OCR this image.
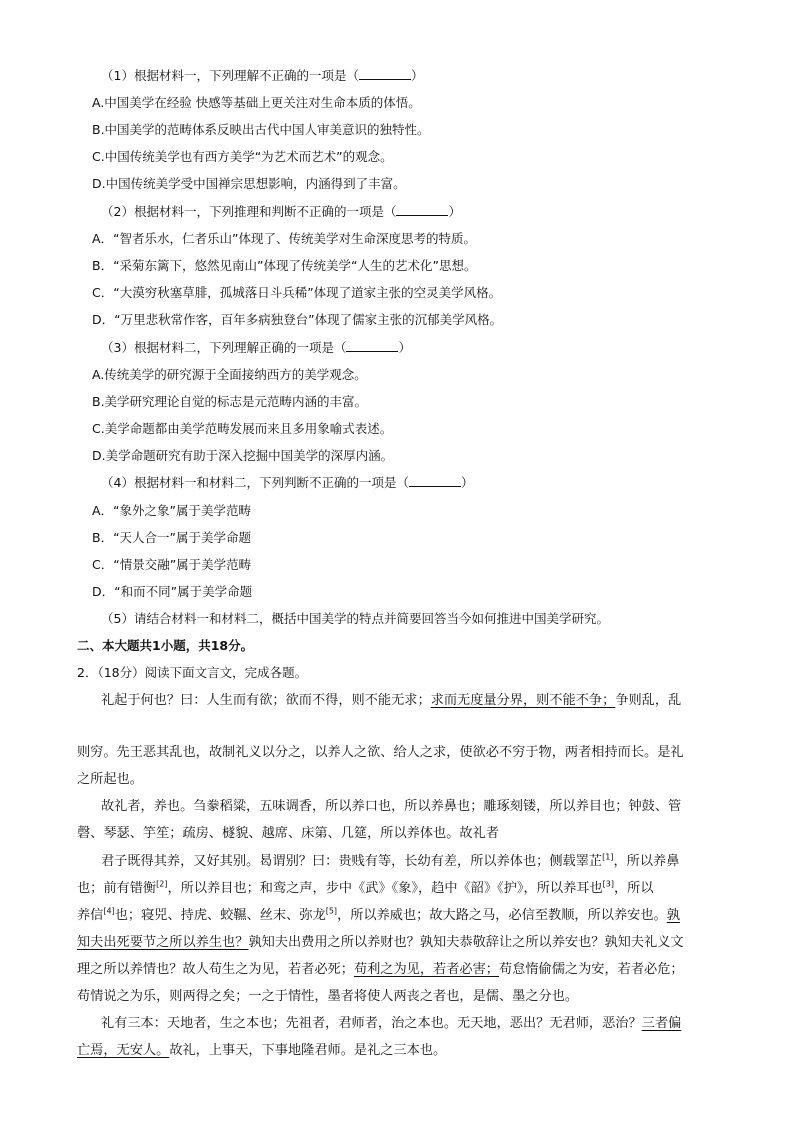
（1）根据材料一，下列理解不正确的一项是（	）
A.中国美学在经验 快感等基础上更关注对生命本质的体悟。
B.中国美学的范畴体系反映出古代中国人审美意识的独特性。
C.中国传统美学也有西方美学“为艺术而艺术”的观念。
D.中国传统美学受中国禅宗思想影响，内涵得到了丰富。
（2）根据材料一，下列推理和判断不正确的一项是（	）
A．“智者乐水，仁者乐山”体现了、传统美学对生命深度思考的特质。
B．“采菊东篱下，悠然见南山”体现了传统美学“人生的艺术化”思想。
C．“大漠穷秋塞草腓，孤城落日斗兵稀”体现了道家主张的空灵美学风格。
D．“万里悲秋常作客，百年多病独登台”体现了儒家主张的沉郁美学风格。
（3）根据材料二，下列理解正确的一项是（	）
A.传统美学的研究源于全面接纳西方的美学观念。
B.美学研究理论自觉的标志是元范畴内涵的丰富。
C.美学命题都由美学范畴发展而来且多用象喻式表述。
D.美学命题研究有助于深入挖掘中国美学的深厚内涵。
（4）根据材料一和材料二，下列判断不正确的一项是（	）
A．“象外之象”属于美学范畴
B．“天人合一”属于美学命题
C．“情景交融”属于美学范畴
D．“和而不同”属于美学命题
（5）请结合材料一和材料二，概括中国美学的特点并简要回答当今如何推进中国美学研究。
二、本大题共1小题，共18分。
2．（18分）阅读下面文言文，完成各题。
礼起于何也？曰：人生而有欲；欲而不得，则不能无求；求而无度量分界，则不能不争；争则乱，乱
则穷。先王恶其乱也，故制礼义以分之，以养人之欲、给人之求，使欲必不穷于物，两者相持而长。是礼
之所起也。
故礼者，养也。刍豢稻粱，五味调香，所以养口也，所以养鼻也；雕琢刻镂，所以养目也；钟鼓、管
磬、琴瑟、竽笙；疏房、檖貌、越席、床第、几筵，所以养体也。故礼者
君子既得其养，又好其别。曷谓别？曰：贵贱有等，长幼有差，所以养体也；侧载睪芷[1]，所以养鼻
也；前有错衡[2]，所以养目也；和鸾之声，步中《武》《象》，趋中《韶》《护》，所以养耳也[3]，所以
养信[4]也；寝兕、持虎、蛟韅、丝末、弥龙[5]，所以养威也；故大路之马，必信至教顺，所以养安也。孰
知夫出死要节之所以养生也？孰知夫出费用之所以养财也？孰知夫恭敬辞让之所以养安也？孰知夫礼义文
理之所以养情也？故人苟生之为见，若者必死；苟利之为见，若者必害；苟怠惰偷儒之为安，若者必危；
苟情说之为乐，则两得之矣；一之于情性，墨者将使人两丧之者也，是儒、墨之分也。
礼有三本：天地者，生之本也；先祖者，君师者，治之本也。无天地，恶出？无君师，恶治？三者偏
亡焉，无安人。故礼，上事天，下事地隆君师。是礼之三本也。
